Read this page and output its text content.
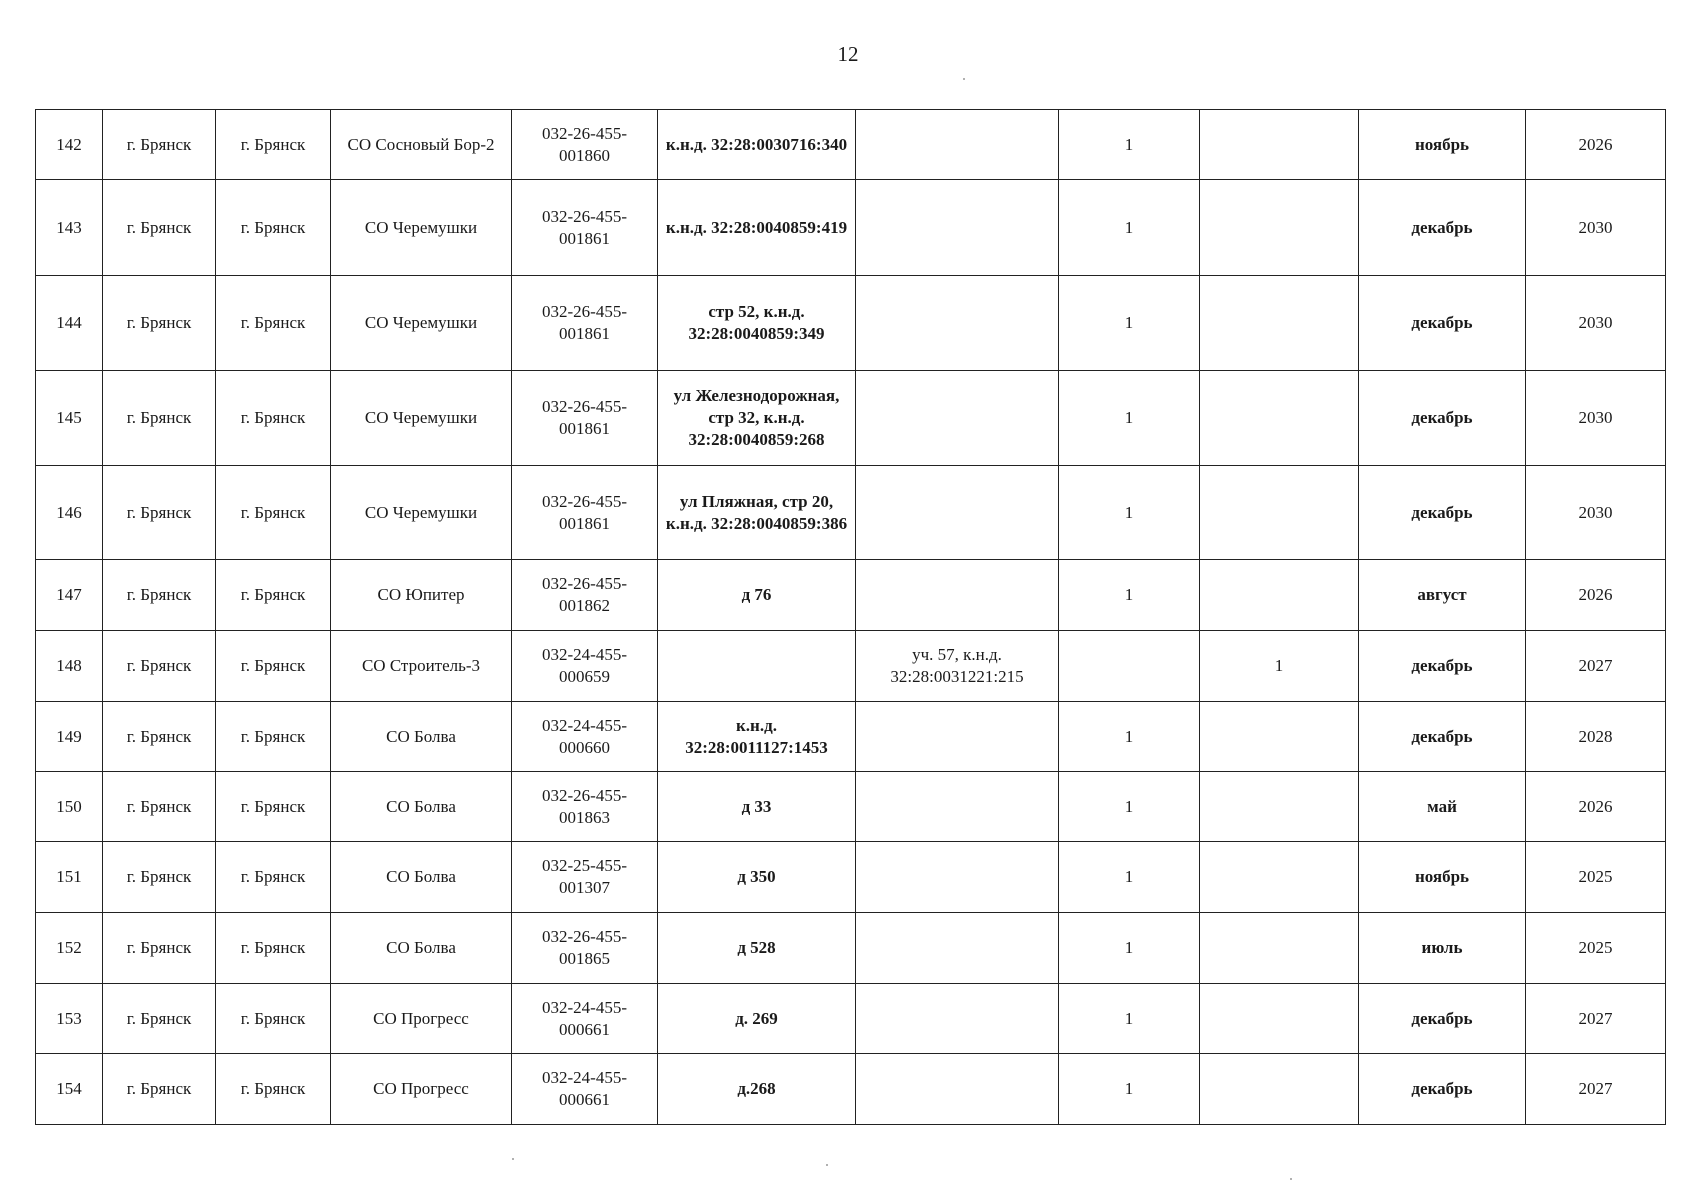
12
142	г. Брянск	г. Брянск	СО Сосновый Бор-2	032-26-455-001860	к.н.д. 32:28:0030716:340		1		ноябрь	2026
143	г. Брянск	г. Брянск	СО Черемушки	032-26-455-001861	к.н.д. 32:28:0040859:419		1		декабрь	2030
144	г. Брянск	г. Брянск	СО Черемушки	032-26-455-001861	стр 52, к.н.д. 32:28:0040859:349		1		декабрь	2030
145	г. Брянск	г. Брянск	СО Черемушки	032-26-455-001861	ул Железнодорожная, стр 32, к.н.д. 32:28:0040859:268		1		декабрь	2030
146	г. Брянск	г. Брянск	СО Черемушки	032-26-455-001861	ул Пляжная, стр 20, к.н.д. 32:28:0040859:386		1		декабрь	2030
147	г. Брянск	г. Брянск	СО Юпитер	032-26-455-001862	д 76		1		август	2026
148	г. Брянск	г. Брянск	СО Строитель-3	032-24-455-000659		уч. 57, к.н.д. 32:28:0031221:215		1	декабрь	2027
149	г. Брянск	г. Брянск	СО Болва	032-24-455-000660	к.н.д. 32:28:0011127:1453		1		декабрь	2028
150	г. Брянск	г. Брянск	СО Болва	032-26-455-001863	д 33		1		май	2026
151	г. Брянск	г. Брянск	СО Болва	032-25-455-001307	д 350		1		ноябрь	2025
152	г. Брянск	г. Брянск	СО Болва	032-26-455-001865	д 528		1		июль	2025
153	г. Брянск	г. Брянск	СО Прогресс	032-24-455-000661	д. 269		1		декабрь	2027
154	г. Брянск	г. Брянск	СО Прогресс	032-24-455-000661	д.268		1		декабрь	2027
